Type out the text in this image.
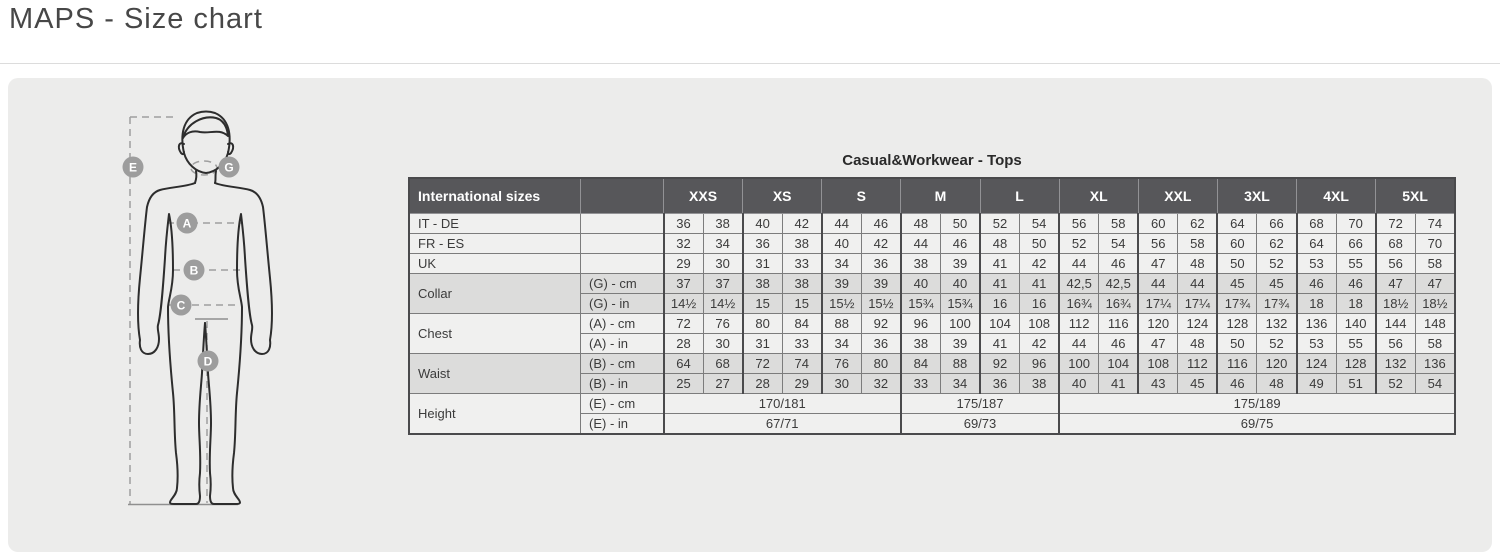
MAPS - Size chart
E	G
A
B
C
D
Casual&Workwear - Tops
International sizes		XXS		XS		S		M		L		XL		XXL		3XL		4XL		5XL	
IT - DE		36	38	40	42	44	46	48	50	52	54	56	58	60	62	64	66	68	70	72	74
FR - ES		32	34	36	38	40	42	44	46	48	50	52	54	56	58	60	62	64	66	68	70
UK		29	30	31	33	34	36	38	39	41	42	44	46	47	48	50	52	53	55	56	58
Collar	(G) - cm	37	37	38	38	39	39	40	40	41	41	42,5	42,5	44	44	45	45	46	46	47	47
	(G) - in	14½	14½	15	15	15½	15½	15¾	15¾	16	16	16¾	16¾	17¼	17¼	17¾	17¾	18	18	18½	18½
Chest	(A) - cm	72	76	80	84	88	92	96	100	104	108	112	116	120	124	128	132	136	140	144	148
	(A) - in	28	30	31	33	34	36	38	39	41	42	44	46	47	48	50	52	53	55	56	58
Waist	(B) - cm	64	68	72	74	76	80	84	88	92	96	100	104	108	112	116	120	124	128	132	136
	(B) - in	25	27	28	29	30	32	33	34	36	38	40	41	43	45	46	48	49	51	52	54
Height	(E) - cm	170/181						175/187				175/189									
	(E) - in	67/71						69/73				69/75									
